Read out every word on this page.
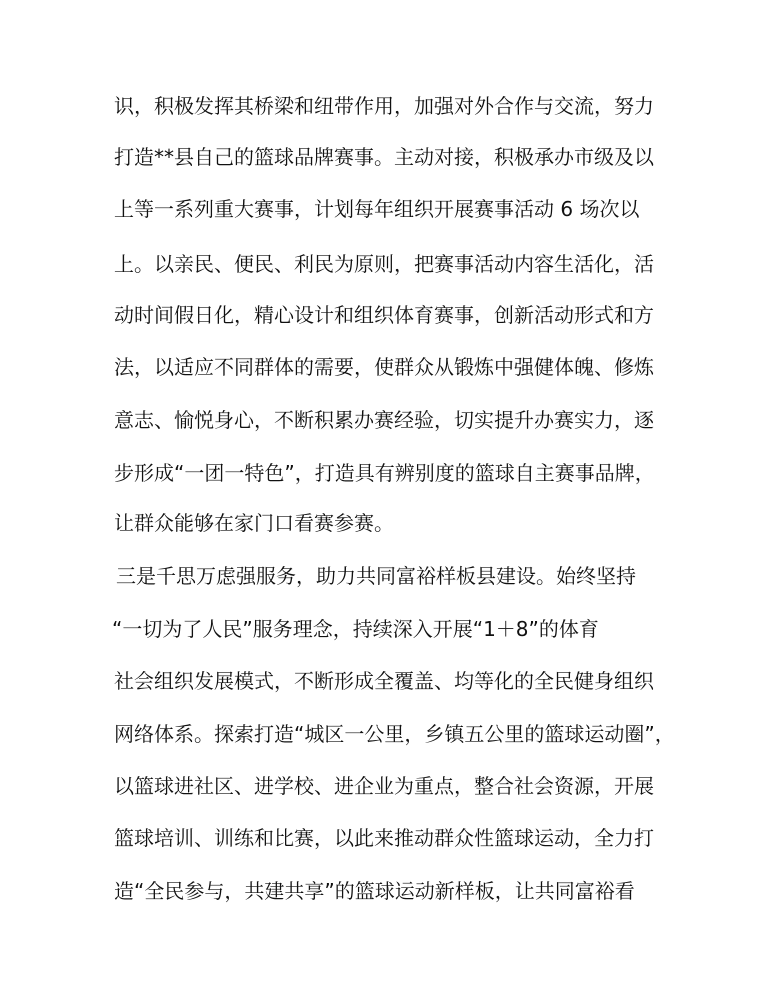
识，积极发挥其桥梁和纽带作用，加强对外合作与交流，努力
打造**县自己的篮球品牌赛事。主动对接，积极承办市级及以
上等一系列重大赛事，计划每年组织开展赛事活动 6 场次以
上。以亲民、便民、利民为原则，把赛事活动内容生活化，活
动时间假日化，精心设计和组织体育赛事，创新活动形式和方
法，以适应不同群体的需要，使群众从锻炼中强健体魄、修炼
意志、愉悦身心，不断积累办赛经验，切实提升办赛实力，逐
步形成“一团一特色”，打造具有辨别度的篮球自主赛事品牌，
让群众能够在家门口看赛参赛。
三是千思万虑强服务，助力共同富裕样板县建设。始终坚持
“一切为了人民”服务理念，持续深入开展“1＋8”的体育
社会组织发展模式，不断形成全覆盖、均等化的全民健身组织
网络体系。探索打造“城区一公里，乡镇五公里的篮球运动圈”，
以篮球进社区、进学校、进企业为重点，整合社会资源，开展
篮球培训、训练和比赛，以此来推动群众性篮球运动，全力打
造“全民参与，共建共享”的篮球运动新样板，让共同富裕看
